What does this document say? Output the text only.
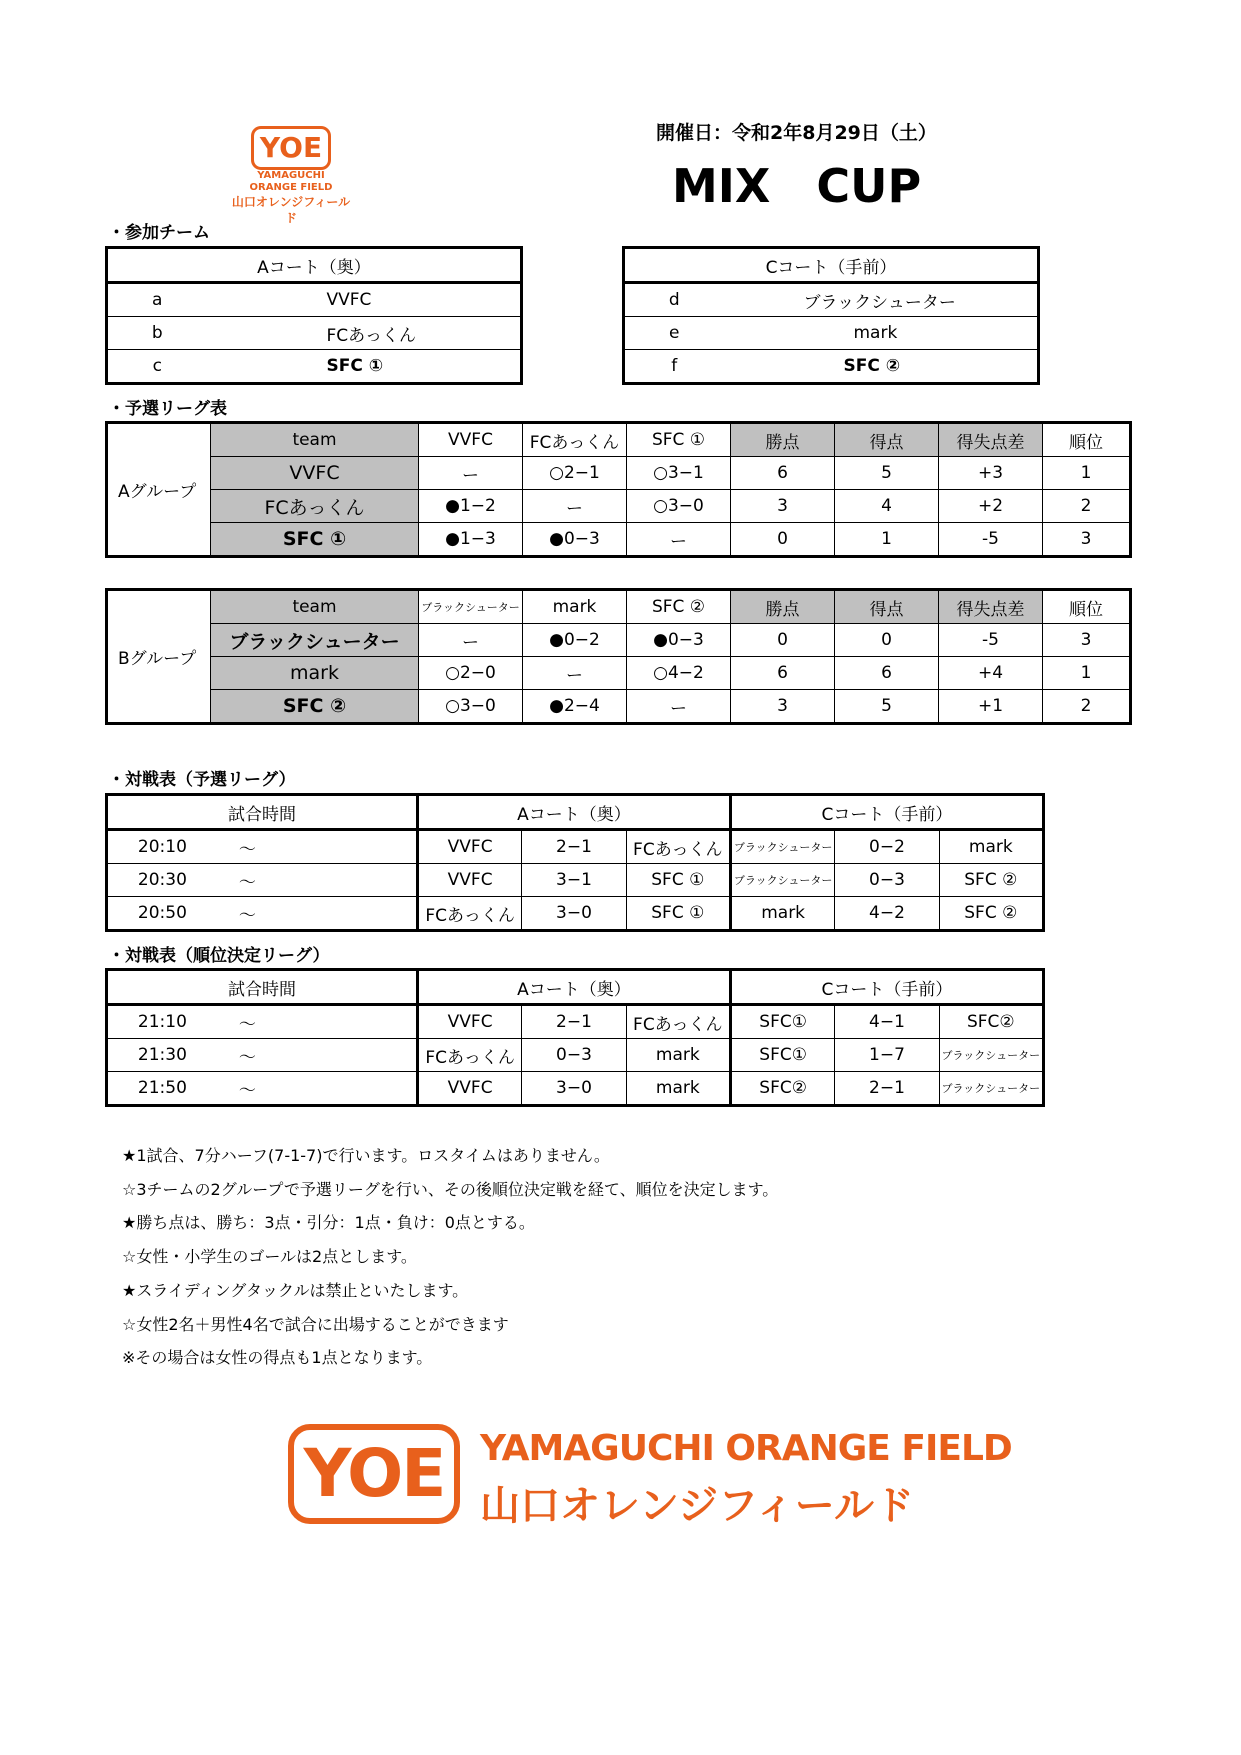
開催日：令和2年8月29日（土）
MIX　CUP
YOE
YAMAGUCHI
ORANGE FIELD
山口オレンジフィールド
・参加チーム
Aコート（奥）	
a	VVFC
b	FCあっくん
c	SFC ①
Cコート（手前）	
d	ブラックシューター
e	mark
f	SFC ②
・予選リーグ表
Aグループ	team	VVFC	FCあっくん	SFC ①	勝点	得点	得失点差	順位
	VVFC	ー	○2−1	○3−1	6	5	+3	1
	FCあっくん	●1−2	ー	○3−0	3	4	+2	2
	SFC ①	●1−3	●0−3	ー	0	1	-5	3
Bグループ	team	ブラックシューター	mark	SFC ②	勝点	得点	得失点差	順位
	ブラックシューター	ー	●0−2	●0−3	0	0	-5	3
	mark	○2−0	ー	○4−2	6	6	+4	1
	SFC ②	○3−0	●2−4	ー	3	5	+1	2
・対戦表（予選リーグ）
試合時間		Aコート（奥）			Cコート（手前）		
20:10	〜	VVFC	2−1	FCあっくん	ブラックシューター	0−2	mark
20:30	〜	VVFC	3−1	SFC ①	ブラックシューター	0−3	SFC ②
20:50	〜	FCあっくん	3−0	SFC ①	mark	4−2	SFC ②
・対戦表（順位決定リーグ）
試合時間		Aコート（奥）			Cコート（手前）		
21:10	〜	VVFC	2−1	FCあっくん	SFC①	4−1	SFC②
21:30	〜	FCあっくん	0−3	mark	SFC①	1−7	ブラックシューター
21:50	〜	VVFC	3−0	mark	SFC②	2−1	ブラックシューター
★1試合、7分ハーフ(7-1-7)で行います。ロスタイムはありません。
☆3チームの2グループで予選リーグを行い、その後順位決定戦を経て、順位を決定します。
★勝ち点は、勝ち：3点・引分：1点・負け：0点とする。
☆女性・小学生のゴールは2点とします。
★スライディングタックルは禁止といたします。
☆女性2名＋男性4名で試合に出場することができます
※その場合は女性の得点も1点となります。
YOE YAMAGUCHI ORANGE FIELD
山口オレンジフィールド
